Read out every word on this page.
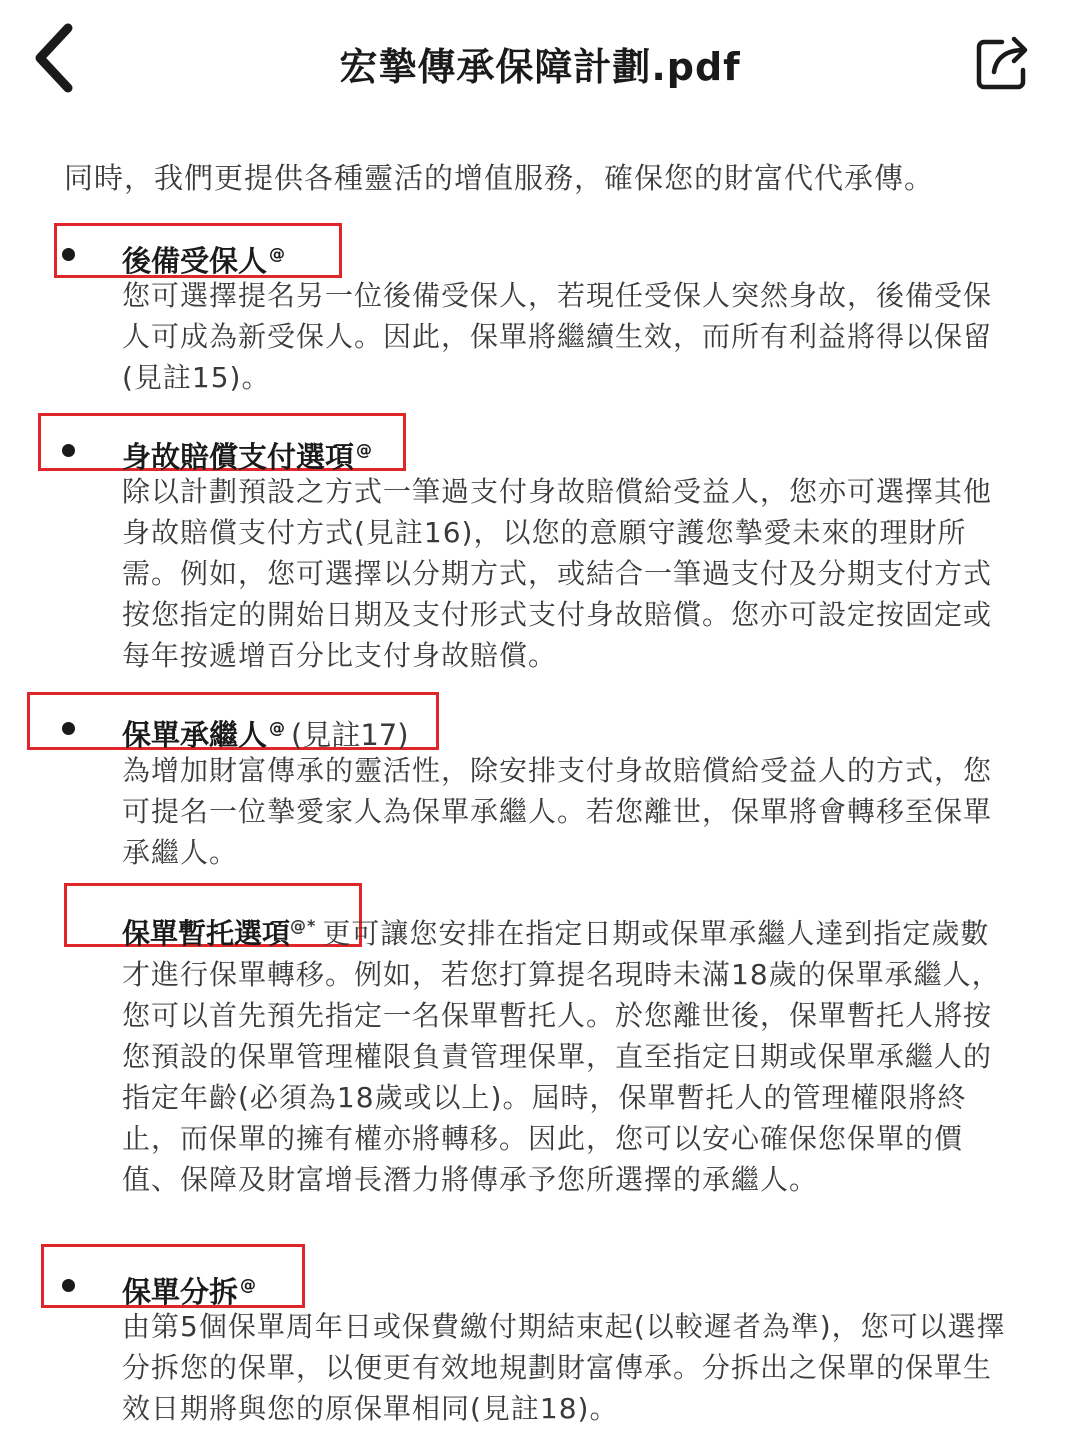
宏摯傳承保障計劃.pdf
同時，我們更提供各種靈活的增值服務，確保您的財富代代承傳。
後備受保人 @
您可選擇提名另一位後備受保人，若現任受保人突然身故，後備受保人可成為新受保人。因此，保單將繼續生效，而所有利益將得以保留(見註15)。
身故賠償支付選項 @
除以計劃預設之方式一筆過支付身故賠償給受益人，您亦可選擇其他身故賠償支付方式(見註16)，以您的意願守護您摯愛未來的理財所需。例如，您可選擇以分期方式，或結合一筆過支付及分期支付方式按您指定的開始日期及支付形式支付身故賠償。您亦可設定按固定或每年按遞增百分比支付身故賠償。
保單承繼人 @ (見註17)
為增加財富傳承的靈活性，除安排支付身故賠償給受益人的方式，您可提名一位摯愛家人為保單承繼人。若您離世，保單將會轉移至保單承繼人。
保單暫托選項@* 更可讓您安排在指定日期或保單承繼人達到指定歲數才進行保單轉移。例如，若您打算提名現時未滿18歲的保單承繼人，您可以首先預先指定一名保單暫托人。於您離世後，保單暫托人將按您預設的保單管理權限負責管理保單，直至指定日期或保單承繼人的指定年齡(必須為18歲或以上)。屆時，保單暫托人的管理權限將終止，而保單的擁有權亦將轉移。因此，您可以安心確保您保單的價值、保障及財富增長潛力將傳承予您所選擇的承繼人。
保單分拆 @
由第5個保單周年日或保費繳付期結束起(以較遲者為準)，您可以選擇分拆您的保單，以便更有效地規劃財富傳承。分拆出之保單的保單生效日期將與您的原保單相同(見註18)。
